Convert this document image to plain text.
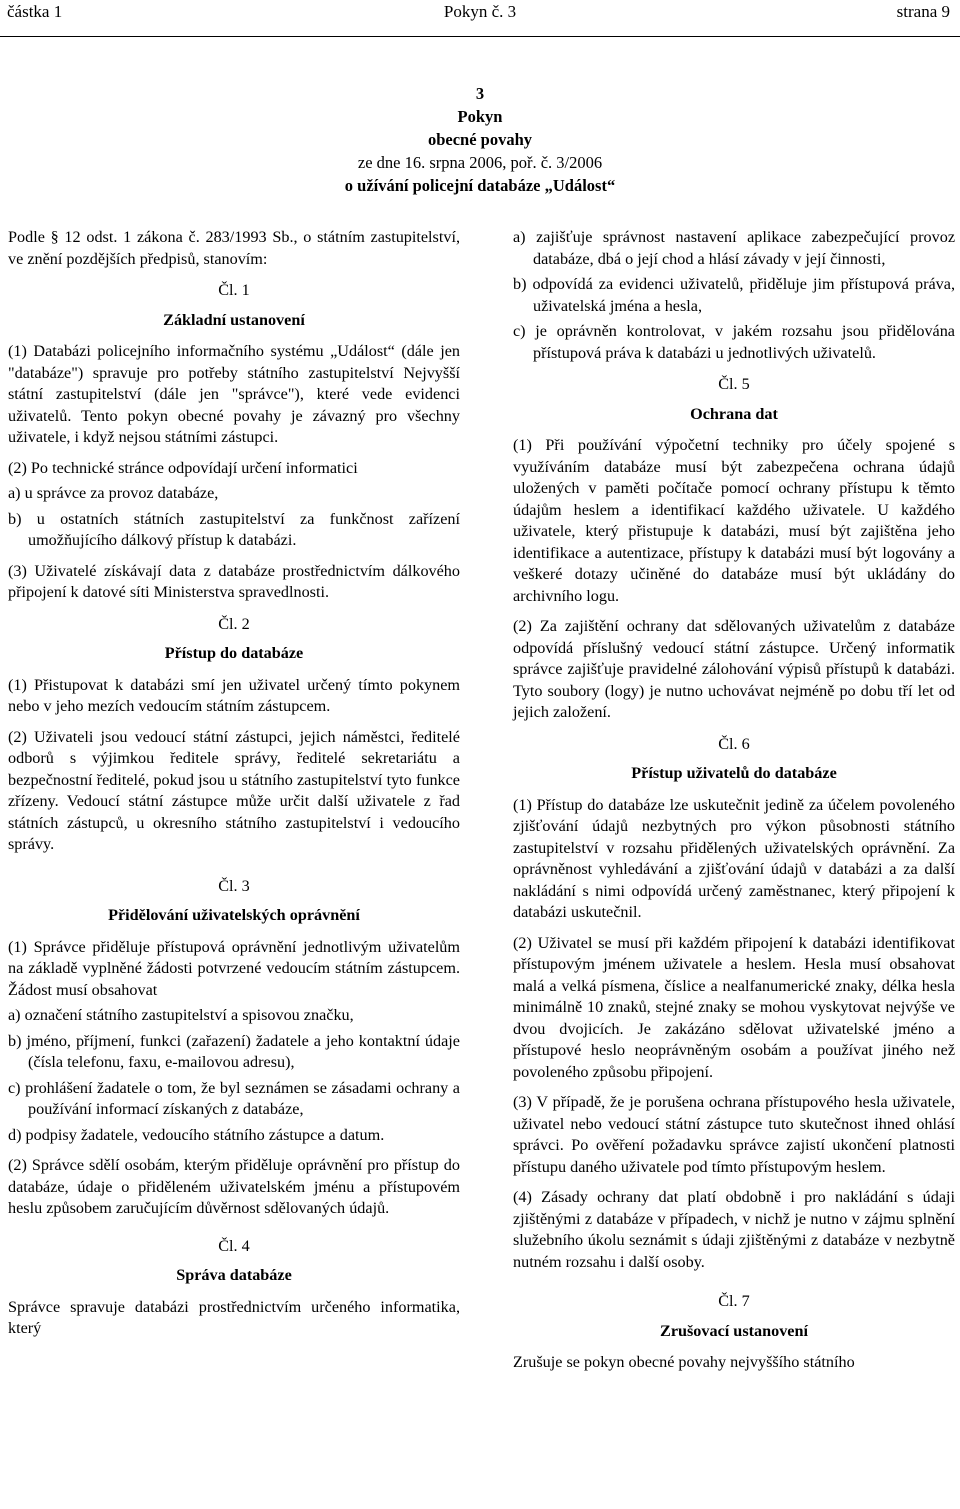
částka 1	Pokyn č. 3	strana 9
3
Pokyn
obecné povahy
ze dne 16. srpna 2006, poř. č. 3/2006
o užívání policejní databáze „Událost“

Podle § 12 odst. 1 zákona č. 283/1993 Sb., o státním zastupitelství, ve znění pozdějších předpisů, stanovím:

Čl. 1
Základní ustanovení

(1) Databázi policejního informačního systému „Událost“ (dále jen "databáze") spravuje pro potřeby státního zastupitelství Nejvyšší státní zastupitelství (dále jen "správce"), které vede evidenci uživatelů. Tento pokyn obecné povahy je závazný pro všechny uživatele, i když nejsou státními zástupci.

(2) Po technické stránce odpovídají určení informatici

a) u správce za provoz databáze,

b) u ostatních státních zastupitelství za funkčnost zařízení umožňujícího dálkový přístup k databázi.

(3) Uživatelé získávají data z databáze prostřednictvím dálkového připojení k datové síti Ministerstva spravedlnosti.

Čl. 2
Přístup do databáze

(1) Přistupovat k databázi smí jen uživatel určený tímto pokynem nebo v jeho mezích vedoucím státním zástupcem.

(2) Uživateli jsou vedoucí státní zástupci, jejich náměstci, ředitelé odborů s výjimkou ředitele správy, ředitelé sekretariátu a bezpečnostní ředitelé, pokud jsou u státního zastupitelství tyto funkce zřízeny. Vedoucí státní zástupce může určit další uživatele z řad státních zástupců, u okresního státního zastupitelství i vedoucího správy.

Čl. 3
Přidělování uživatelských oprávnění

(1) Správce přiděluje přístupová oprávnění jednotlivým uživatelům na základě vyplněné žádosti potvrzené vedoucím státním zástupcem. Žádost musí obsahovat

a) označení státního zastupitelství a spisovou značku,

b) jméno, příjmení, funkci (zařazení) žadatele a jeho kontaktní údaje (čísla telefonu, faxu, e-mailovou adresu),

c) prohlášení žadatele o tom, že byl seznámen se zásadami ochrany a používání informací získaných z databáze,

d) podpisy žadatele, vedoucího státního zástupce a datum.

(2) Správce sdělí osobám, kterým přiděluje oprávnění pro přístup do databáze, údaje o přiděleném uživatelském jménu a přístupovém heslu způsobem zaručujícím důvěrnost sdělovaných údajů.

Čl. 4
Správa databáze

Správce spravuje databázi prostřednictvím určeného informatika, který

a) zajišťuje správnost nastavení aplikace zabezpečující provoz databáze, dbá o její chod a hlásí závady v její činnosti,

b) odpovídá za evidenci uživatelů, přiděluje jim přístupová práva, uživatelská jména a hesla,

c) je oprávněn kontrolovat, v jakém rozsahu jsou přidělována přístupová práva k databázi u jednotlivých uživatelů.

Čl. 5
Ochrana dat

(1) Při používání výpočetní techniky pro účely spojené s využíváním databáze musí být zabezpečena ochrana údajů uložených v paměti počítače pomocí ochrany přístupu k těmto údajům heslem a identifikací každého uživatele. U každého uživatele, který přistupuje k databázi, musí být zajištěna jeho identifikace a autentizace, přístupy k databázi musí být logovány a veškeré dotazy učiněné do databáze musí být ukládány do archivního logu.

(2) Za zajištění ochrany dat sdělovaných uživatelům z databáze odpovídá příslušný vedoucí státní zástupce. Určený informatik správce zajišťuje pravidelné zálohování výpisů přístupů k databázi. Tyto soubory (logy) je nutno uchovávat nejméně po dobu tří let od jejich založení.

Čl. 6
Přístup uživatelů do databáze

(1) Přístup do databáze lze uskutečnit jedině za účelem povoleného zjišťování údajů nezbytných pro výkon působnosti státního zastupitelství v rozsahu přidělených uživatelských oprávnění. Za oprávněnost vyhledávání a zjišťování údajů v databázi a za další nakládání s nimi odpovídá určený zaměstnanec, který připojení k databázi uskutečnil.

(2) Uživatel se musí při každém připojení k databázi identifikovat přístupovým jménem uživatele a heslem. Hesla musí obsahovat malá a velká písmena, číslice a nealfanumerické znaky, délka hesla minimálně 10 znaků, stejné znaky se mohou vyskytovat nejvýše ve dvou dvojicích. Je zakázáno sdělovat uživatelské jméno a přístupové heslo neoprávněným osobám a používat jiného než povoleného způsobu připojení.

(3) V případě, že je porušena ochrana přístupového hesla uživatele, uživatel nebo vedoucí státní zástupce tuto skutečnost ihned ohlásí správci. Po ověření požadavku správce zajistí ukončení platnosti přístupu daného uživatele pod tímto přístupovým heslem.

(4) Zásady ochrany dat platí obdobně i pro nakládání s údaji zjištěnými z databáze v případech, v nichž je nutno v zájmu splnění služebního úkolu seznámit s údaji zjištěnými z databáze v nezbytně nutném rozsahu i další osoby.

Čl. 7
Zrušovací ustanovení

Zrušuje se pokyn obecné povahy nejvyššího státního
